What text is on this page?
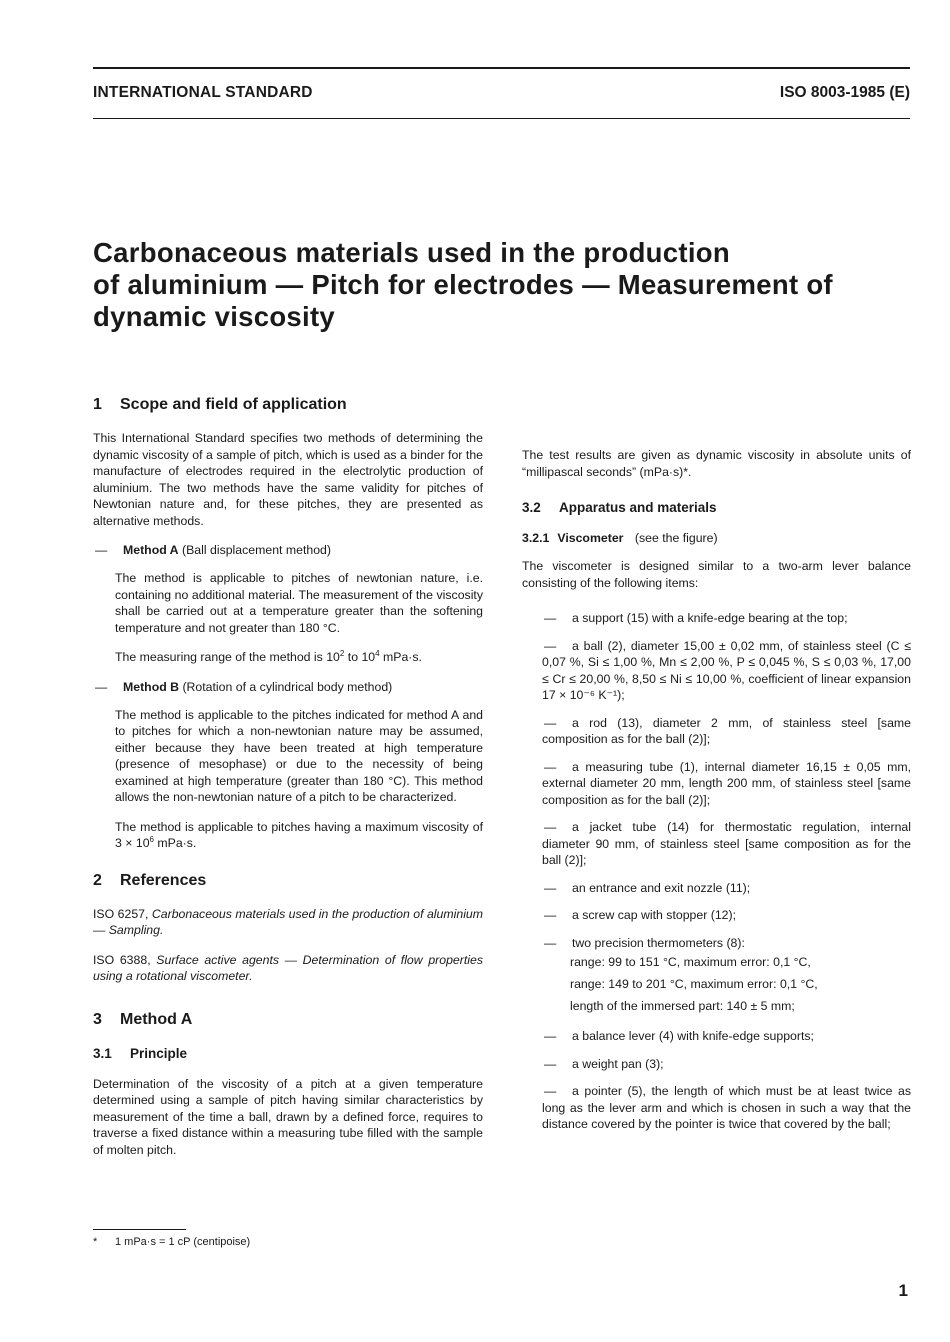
INTERNATIONAL STANDARD	ISO 8003-1985 (E)
Carbonaceous materials used in the production
of aluminium — Pitch for electrodes — Measurement of
dynamic viscosity
1 Scope and field of application

This International Standard specifies two methods of determining the dynamic viscosity of a sample of pitch, which is used as a binder for the manufacture of electrodes required in the electrolytic production of aluminium. The two methods have the same validity for pitches of Newtonian nature and, for these pitches, they are presented as alternative methods.

— Method A (Ball displacement method)

The method is applicable to pitches of newtonian nature, i.e. containing no additional material. The measurement of the viscosity shall be carried out at a temperature greater than the softening temperature and not greater than 180 °C.

The measuring range of the method is $10^2$ to $10^4$ mPa·s.

— Method B (Rotation of a cylindrical body method)

The method is applicable to the pitches indicated for method A and to pitches for which a non-newtonian nature may be assumed, either because they have been treated at high temperature (presence of mesophase) or due to the necessity of being examined at high temperature (greater than 180 °C). This method allows the non-newtonian nature of a pitch to be characterized.

The method is applicable to pitches having a maximum viscosity of $3 \times 10^6$ mPa·s.

2 References

ISO 6257, Carbonaceous materials used in the production of aluminium — Sampling.

ISO 6388, Surface active agents — Determination of flow properties using a rotational viscometer.

3 Method A
3.1 Principle

Determination of the viscosity of a pitch at a given temperature determined using a sample of pitch having similar characteristics by measurement of the time a ball, drawn by a defined force, requires to traverse a fixed distance within a measuring tube filled with the sample of molten pitch.

The test results are given as dynamic viscosity in absolute units of “millipascal seconds” (mPa·s)*.

3.2 Apparatus and materials
3.2.1 Viscometer (see the figure)

The viscometer is designed similar to a two-arm lever balance consisting of the following items:

— a support (15) with a knife-edge bearing at the top;
— a ball (2), diameter 15,00 ± 0,02 mm, of stainless steel (C ≤ 0,07 %, Si ≤ 1,00 %, Mn ≤ 2,00 %, P ≤ 0,045 %, S ≤ 0,03 %, 17,00 ≤ Cr ≤ 20,00 %, 8,50 ≤ Ni ≤ 10,00 %, coefficient of linear expansion 17 × 10⁻⁶ K⁻¹);
— a rod (13), diameter 2 mm, of stainless steel [same composition as for the ball (2)];
— a measuring tube (1), internal diameter 16,15 ± 0,05 mm, external diameter 20 mm, length 200 mm, of stainless steel [same composition as for the ball (2)];
— a jacket tube (14) for thermostatic regulation, internal diameter 90 mm, of stainless steel [same composition as for the ball (2)];
— an entrance and exit nozzle (11);
— a screw cap with stopper (12);
— two precision thermometers (8):
range: 99 to 151 °C, maximum error: 0,1 °C,
range: 149 to 201 °C, maximum error: 0,1 °C,
length of the immersed part: 140 ± 5 mm;
— a balance lever (4) with knife-edge supports;
— a weight pan (3);
— a pointer (5), the length of which must be at least twice as long as the lever arm and which is chosen in such a way that the distance covered by the pointer is twice that covered by the ball;
* 1 mPa·s = 1 cP (centipoise)
1
